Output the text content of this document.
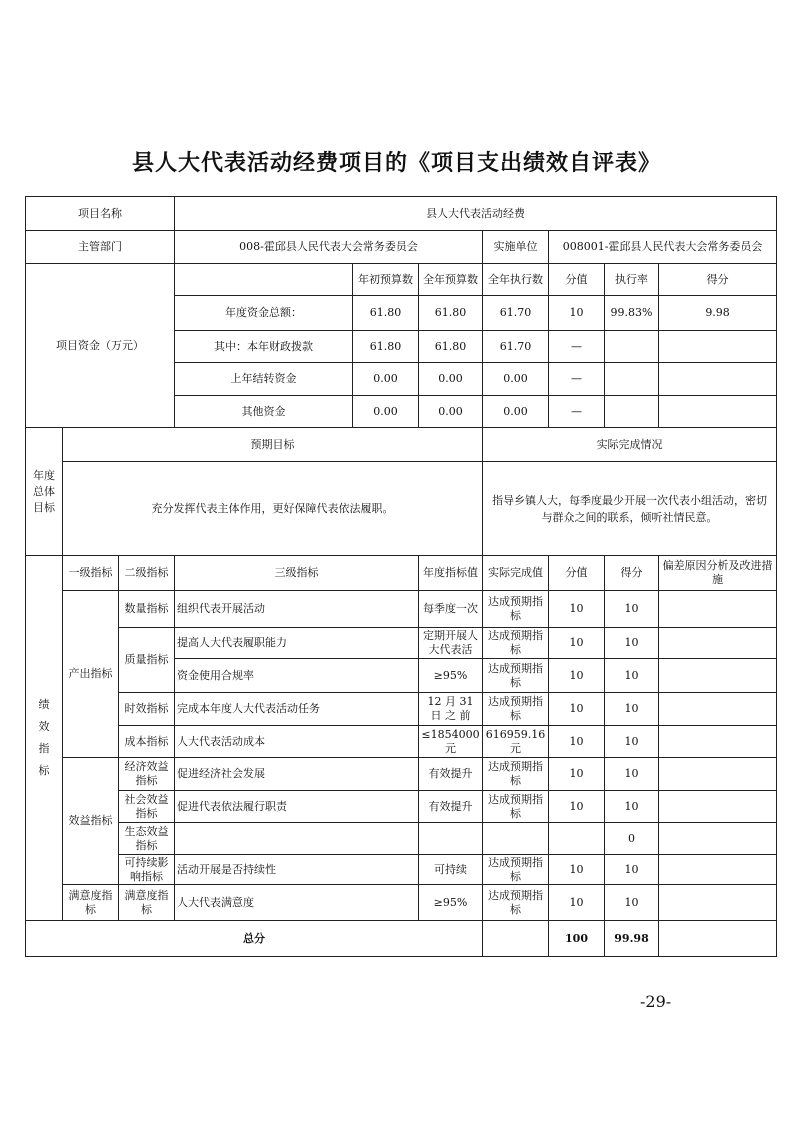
县人大代表活动经费项目的《项目支出绩效自评表》
项目名称			县人大代表活动经费						
主管部门			008-霍邱县人民代表大会常务委员会			实施单位	008001-霍邱县人民代表大会常务委员会		
项目资金（万元）				年初预算数	全年预算数	全年执行数	分值	执行率	得分
			年度资金总额：	61.80	61.80	61.70	10	99.83%	9.98
			其中：本年财政拨款	61.80	61.80	61.70	—		
			上年结转资金	0.00	0.00	0.00	—		
			其他资金	0.00	0.00	0.00	—		
年度总体目标	预期目标					实际完成情况			
	充分发挥代表主体作用，更好保障代表依法履职。					指导乡镇人大，每季度最少开展一次代表小组活动，密切与群众之间的联系，倾听社情民意。			
绩效指标	一级指标	二级指标	三级指标		年度指标值	实际完成值	分值	得分	偏差原因分析及改进措施
	产出指标	数量指标	组织代表开展活动		每季度一次	达成预期指标	10	10	
		质量指标	提高人大代表履职能力		定期开展人大代表活	达成预期指标	10	10	
			资金使用合规率		≥95%	达成预期指标	10	10	
		时效指标	完成本年度人大代表活动任务		12 月 31 日 之 前	达成预期指标	10	10	
		成本指标	人大代表活动成本		≤1854000元	616959.16元	10	10	
	效益指标	经济效益指标	促进经济社会发展		有效提升	达成预期指标	10	10	
		社会效益指标	促进代表依法履行职责		有效提升	达成预期指标	10	10	
		生态效益指标						0	
		可持续影响指标	活动开展是否持续性		可持续	达成预期指标	10	10	
	满意度指标	满意度指标	人大代表满意度		≥95%	达成预期指标	10	10	
总分							100	99.98	
-29-
